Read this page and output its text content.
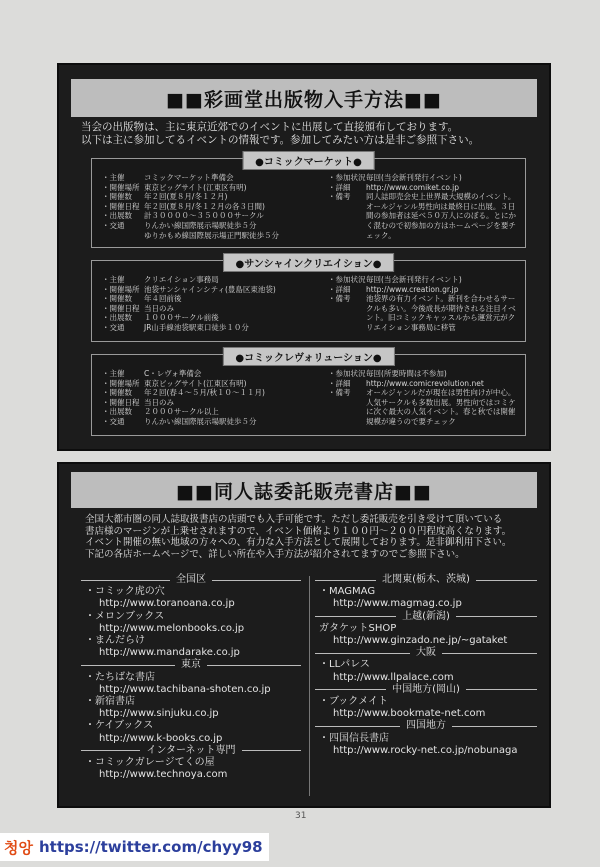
■■彩画堂出版物入手方法■■
当会の出版物は、主に東京近郊でのイベントに出展して直接頒布しております。
以下は主に参加してるイベントの情報です。参加してみたい方は是非ご参照下さい。
●コミックマーケット●
・主催	コミックマーケット準備会
・開催場所 東京ビッグサイト(江東区有明)
・開催数	年２回(夏８月/冬１２月)
・開催日程 年２回(夏８月/冬１２月の各３日間)
・出展数	計３００００～３５０００サークル
・交通	りんかい線国際展示場駅徒歩５分
ゆりかもめ線国際展示場正門駅徒歩５分
・参加状況 毎回(当会新刊発行イベント)
・詳細	http://www.comiket.co.jp
・備考	同人誌即売会史上世界最大規模のイベント。オールジャンル男性向は最終日に出展。３日間の参加者は延べ５０万人にのぼる。とにかく混むので初参加の方はホームページを要チェック。
●サンシャインクリエイション●
・主催	クリエイション事務局
・開催場所 池袋サンシャインシティ(豊島区東池袋)
・開催数	年４回前後
・開催日程 当日のみ
・出展数	１０００サークル前後
・交通	JR山手線池袋駅東口徒歩１０分
・参加状況 毎回(当会新刊発行イベント)
・詳細	http://www.creation.gr.jp
・備考	池袋界の有力イベント。新刊を合わせるサークルも多い。今後成長が期待される注目イベント。旧コミックキャッスルから運営元がクリエイション事務局に移管
●コミックレヴォリューション●
・主催	C・レヴォ準備会
・開催場所 東京ビッグサイト(江東区有明)
・開催数	年２回(春４～５月/秋１０～１１月)
・開催日程 当日のみ
・出展数	２０００サークル以上
・交通	りんかい線国際展示場駅徒歩５分
・参加状況 毎回(所要時間は不参加)
・詳細	http://www.comicrevolution.net
・備考	オールジャンルだが現在は男性向けが中心。人気サークルも多数出展。男性向ではコミケに次ぐ最大の人気イベント。春と秋では開催規模が違うので要チェック
■■同人誌委託販売書店■■
全国大都市圏の同人誌取扱書店の店頭でも入手可能です。ただし委託販売を引き受けて頂いている
書店様のマージンが上乗せされますので、イベント価格より１００円～２００円程度高くなります。
イベント開催の無い地域の方々への、有力な入手方法として展開しております。是非御利用下さい。
下記の各店ホームページで、詳しい所在や入手方法が紹介されてますのでご参照下さい。
全国区
・コミック虎の穴
http://www.toranoana.co.jp
・メロンブックス
http://www.melonbooks.co.jp
・まんだらけ
http://www.mandarake.co.jp
東京
・たちばな書店
http://www.tachibana-shoten.co.jp
・新宿書店
http://www.sinjuku.co.jp
・ケイブックス
http://www.k-books.co.jp
インターネット専門
・コミックガレージてくの屋
http://www.technoya.com
北関東(栃木、茨城)
・MAGMAG
http://www.magmag.co.jp
上越(新潟)
ガタケットSHOP
http://www.ginzado.ne.jp/~gataket
大阪
・LLパレス
http://www.llpalace.com
中国地方(岡山)
・ブックメイト
http://www.bookmate-net.com
四国地方
・四国信長書店
http://www.rocky-net.co.jp/nobunaga
31
청앙 https://twitter.com/chyy98
